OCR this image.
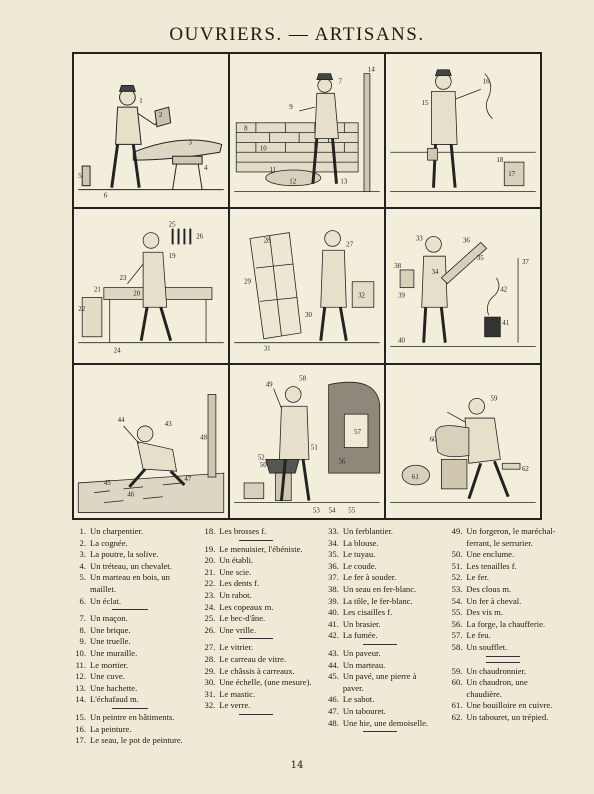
OUVRIERS. — ARTISANS.
2
3
4
5
6
1
7
8
9
10
11
12	13
14
15
16
17
18
19
20
21
22
23
24
25
26
27
28
29
30
31
32
33
34
35
36
37
38
39
40
41
42
43
44
45
46
47
48
49
50
51
52
53 54 55
56
57
58
59
60
61
62
1. Un charpentier.
2. La cognée.
3. La poutre, la solive.
4. Un tréteau, un chevalet.
5. Un marteau en bois, un maillet.
6. Un éclat.
7. Un maçon.
8. Une brique.
9. Une truelle.
10. Une muraille.
11. Le mortier.
12. Une cuve.
13. Une hachette.
14. L'échafaud m.
15. Un peintre en bâtiments.
16. La peinture.
17. Le seau, le pot de peinture.
18. Les brosses f.
19. Le menuisier, l'ébéniste.
20. Un établi.
21. Une scie.
22. Les dents f.
23. Un rabot.
24. Les copeaux m.
25. Le bec-d'âne.
26. Une vrille.
27. Le vitrier.
28. Le carreau de vitre.
29. Le châssis à carreaux.
30. Une échelle, (une mesure).
31. Le mastic.
32. Le verre.
33. Un ferblantier.
34. La blouse.
35. Le tuyau.
36. Le coude.
37. Le fer à souder.
38. Un seau en fer-blanc.
39. La tôle, le fer-blanc.
40. Les cisailles f.
41. Un brasier.
42. La fumée.
43. Un paveur.
44. Un marteau.
45. Un pavé, une pierre à paver.
46. Le sabot.
47. Un tabouret.
48. Une hie, une demoiselle.
49. Un forgeron, le maréchal-ferrant, le serrurier.
50. Une enclume.
51. Les tenailles f.
52. Le fer.
53. Des clous m.
54. Un fer à cheval.
55. Des vis m.
56. La forge, la chaufferie.
57. Le feu.
58. Un soufflet.
59. Un chaudronnier.
60. Un chaudron, une chaudière.
61. Une bouilloire en cuivre.
62. Un tabouret, un trépied.
14
